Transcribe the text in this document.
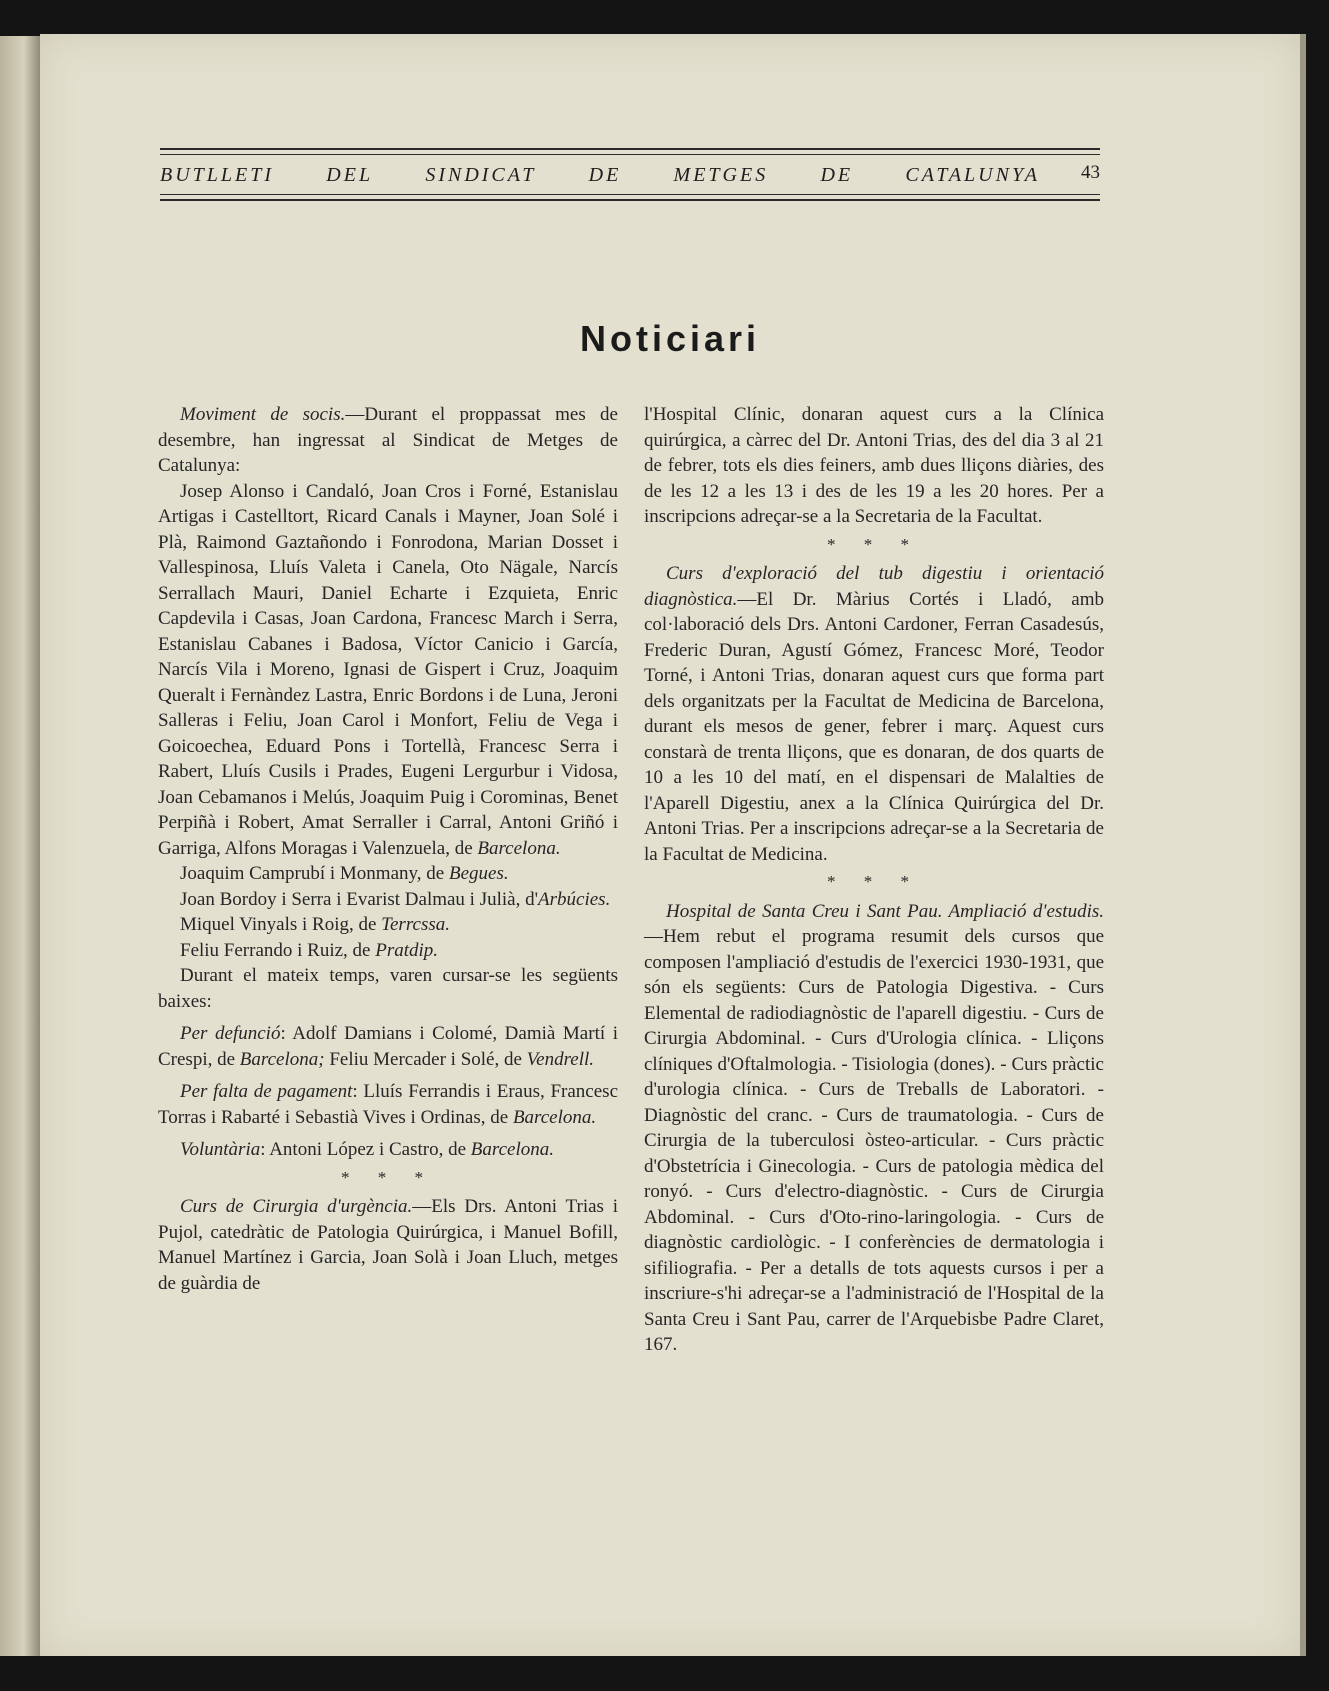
BUTLLETI	DEL	SINDICAT	DE	METGES	DE	CATALUNYA 43
Noticiari

Moviment de socis.—Durant el proppassat mes de desembre, han ingressat al Sindicat de Metges de Catalunya:

Josep Alonso i Candaló, Joan Cros i Forné, Estanislau Artigas i Castelltort, Ricard Canals i Mayner, Joan Solé i Plà, Raimond Gaztañondo i Fonrodona, Marian Dosset i Vallespinosa, Lluís Valeta i Canela, Oto Nägale, Narcís Serrallach Mauri, Daniel Echarte i Ezquieta, Enric Capdevila i Casas, Joan Cardona, Francesc March i Serra, Estanislau Cabanes i Badosa, Víctor Canicio i García, Narcís Vila i Moreno, Ignasi de Gispert i Cruz, Joaquim Queralt i Fernàndez Lastra, Enric Bordons i de Luna, Jeroni Salleras i Feliu, Joan Carol i Monfort, Feliu de Vega i Goicoechea, Eduard Pons i Tortellà, Francesc Serra i Rabert, Lluís Cusils i Prades, Eugeni Lergurbur i Vidosa, Joan Cebamanos i Melús, Joaquim Puig i Corominas, Benet Perpiñà i Robert, Amat Serraller i Carral, Antoni Griñó i Garriga, Alfons Moragas i Valenzuela, de Barcelona.

Joaquim Camprubí i Monmany, de Begues.

Joan Bordoy i Serra i Evarist Dalmau i Julià, d'Arbúcies.

Miquel Vinyals i Roig, de Terrcssa.

Feliu Ferrando i Ruiz, de Pratdip.

Durant el mateix temps, varen cursar-se les següents baixes:

Per defunció: Adolf Damians i Colomé, Damià Martí i Crespi, de Barcelona; Feliu Mercader i Solé, de Vendrell.

Per falta de pagament: Lluís Ferrandis i Eraus, Francesc Torras i Rabarté i Sebastià Vives i Ordinas, de Barcelona.

Voluntària: Antoni López i Castro, de Barcelona.

* * *

Curs de Cirurgia d'urgència.—Els Drs. Antoni Trias i Pujol, catedràtic de Patologia Quirúrgica, i Manuel Bofill, Manuel Martínez i Garcia, Joan Solà i Joan Lluch, metges de guàrdia de

l'Hospital Clínic, donaran aquest curs a la Clínica quirúrgica, a càrrec del Dr. Antoni Trias, des del dia 3 al 21 de febrer, tots els dies feiners, amb dues lliçons diàries, des de les 12 a les 13 i des de les 19 a les 20 hores. Per a inscripcions adreçar-se a la Secretaria de la Facultat.

* * *

Curs d'exploració del tub digestiu i orientació diagnòstica.—El Dr. Màrius Cortés i Lladó, amb col·laboració dels Drs. Antoni Cardoner, Ferran Casadesús, Frederic Duran, Agustí Gómez, Francesc Moré, Teodor Torné, i Antoni Trias, donaran aquest curs que forma part dels organitzats per la Facultat de Medicina de Barcelona, durant els mesos de gener, febrer i març. Aquest curs constarà de trenta lliçons, que es donaran, de dos quarts de 10 a les 10 del matí, en el dispensari de Malalties de l'Aparell Digestiu, anex a la Clínica Quirúrgica del Dr. Antoni Trias. Per a inscripcions adreçar-se a la Secretaria de la Facultat de Medicina.

* * *

Hospital de Santa Creu i Sant Pau. Ampliació d'estudis.—Hem rebut el programa resumit dels cursos que composen l'ampliació d'estudis de l'exercici 1930-1931, que són els següents: Curs de Patologia Digestiva. - Curs Elemental de radiodiagnòstic de l'aparell digestiu. - Curs de Cirurgia Abdominal. - Curs d'Urologia clínica. - Lliçons clíniques d'Oftalmologia. - Tisiologia (dones). - Curs pràctic d'urologia clínica. - Curs de Treballs de Laboratori. - Diagnòstic del cranc. - Curs de traumatologia. - Curs de Cirurgia de la tuberculosi òsteo-articular. - Curs pràctic d'Obstetrícia i Ginecologia. - Curs de patologia mèdica del ronyó. - Curs d'electro-diagnòstic. - Curs de Cirurgia Abdominal. - Curs d'Oto-rino-laringologia. - Curs de diagnòstic cardiològic. - I conferències de dermatologia i sifiliografia. - Per a detalls de tots aquests cursos i per a inscriure-s'hi adreçar-se a l'administració de l'Hospital de la Santa Creu i Sant Pau, carrer de l'Arquebisbe Padre Claret, 167.
